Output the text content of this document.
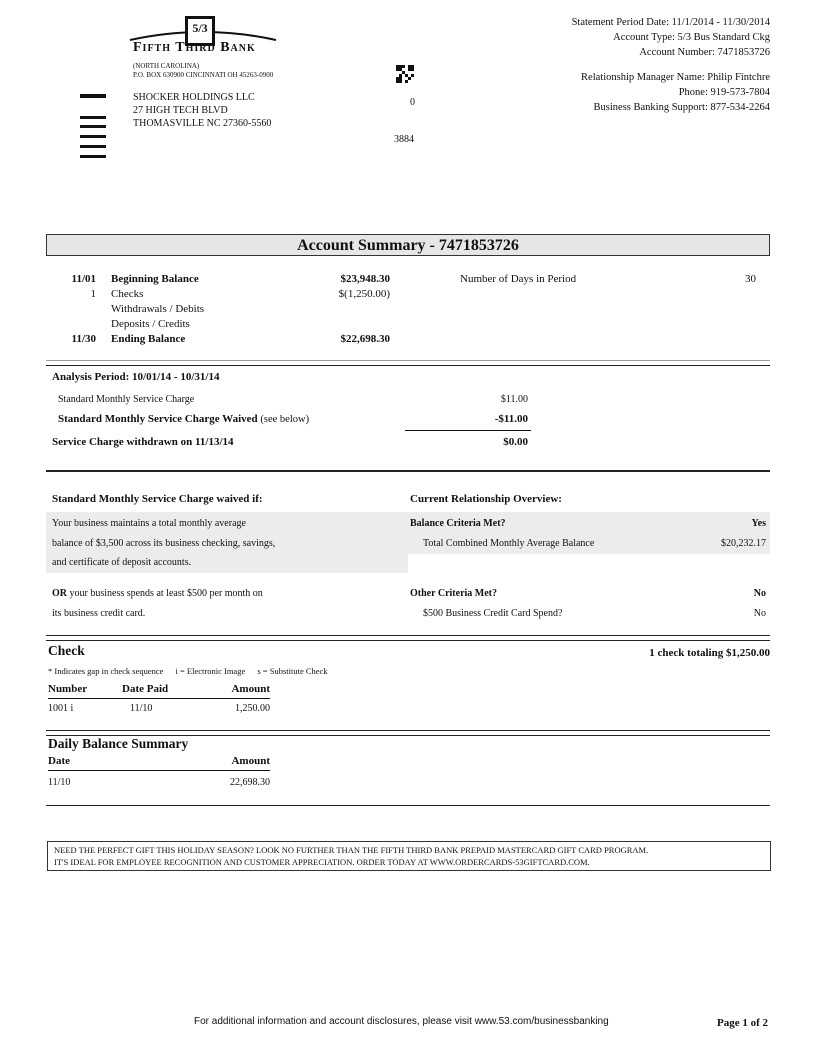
5/3
Fifth Third Bank
(NORTH CAROLINA)
P.O. BOX 630900 CINCINNATI OH 45263-0900
SHOCKER HOLDINGS LLC
27 HIGH TECH BLVD
THOMASVILLE NC 27360-5560
0
3884
Statement Period Date: 11/1/2014 - 11/30/2014
Account Type: 5/3 Bus Standard Ckg
Account Number: 7471853726
Relationship Manager Name: Philip Fintchre
Phone: 919-573-7804
Business Banking Support: 877-534-2264
Account Summary - 7471853726
11/01 Beginning Balance	$23,948.30
1 Checks	$(1,250.00)
Withdrawals / Debits
Deposits / Credits
11/30 Ending Balance	$22,698.30
Number of Days in Period	30
Analysis Period: 10/01/14 - 10/31/14
Standard Monthly Service Charge	$11.00
Standard Monthly Service Charge Waived (see below)	-$11.00
Service Charge withdrawn on 11/13/14	$0.00
Standard Monthly Service Charge waived if:	Current Relationship Overview:
Your business maintains a total monthly average
balance of $3,500 across its business checking, savings,
and certificate of deposit accounts.
Balance Criteria Met?	Yes
Total Combined Monthly Average Balance	$20,232.17
OR your business spends at least $500 per month on
its business credit card.
Other Criteria Met?	No
$500 Business Credit Card Spend?	No
Check	1 check totaling $1,250.00
* Indicates gap in check sequence i = Electronic Image s = Substitute Check
Number	Date Paid	Amount
1001 i	11/10	1,250.00
Daily Balance Summary
Date	Amount
11/10	22,698.30
NEED THE PERFECT GIFT THIS HOLIDAY SEASON? LOOK NO FURTHER THAN THE FIFTH THIRD BANK PREPAID MASTERCARD GIFT CARD PROGRAM.
IT'S IDEAL FOR EMPLOYEE RECOGNITION AND CUSTOMER APPRECIATION. ORDER TODAY AT WWW.ORDERCARDS-53GIFTCARD.COM.
For additional information and account disclosures, please visit www.53.com/businessbanking	Page 1 of 2
